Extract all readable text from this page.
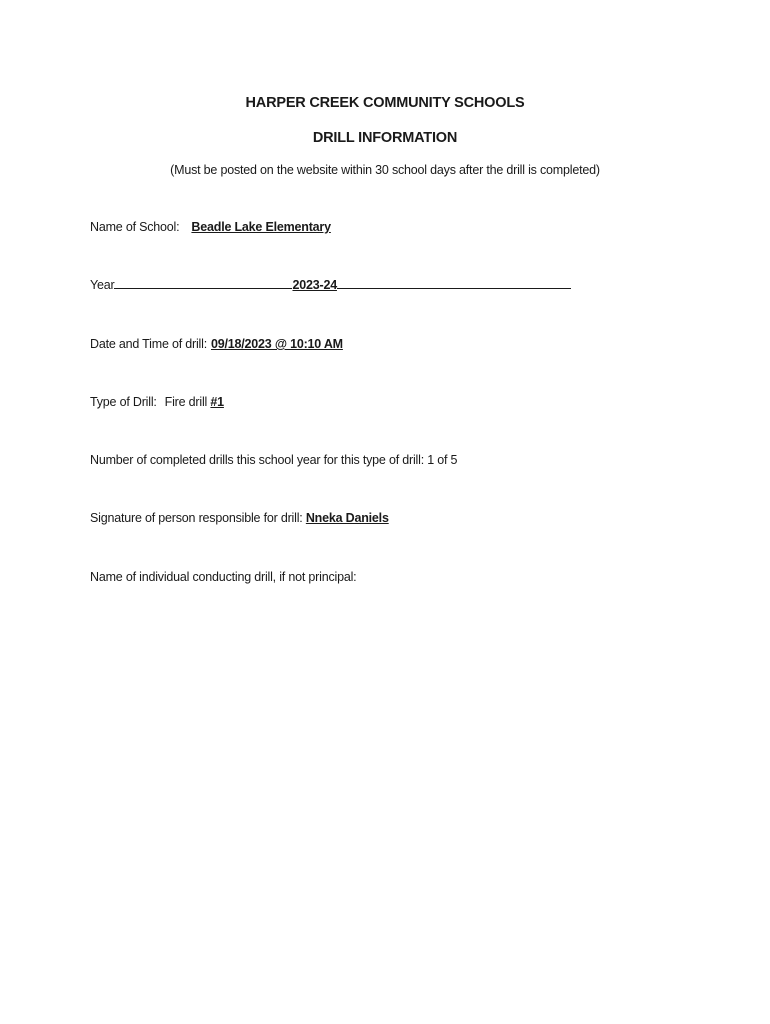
HARPER CREEK COMMUNITY SCHOOLS
DRILL INFORMATION
(Must be posted on the website within 30 school days after the drill is completed)
Name of School: Beadle Lake Elementary
Year	2023-24
Date and Time of drill: 09/18/2023 @ 10:10 AM
Type of Drill: Fire drill #1
Number of completed drills this school year for this type of drill: 1 of 5
Signature of person responsible for drill: Nneka Daniels
Name of individual conducting drill, if not principal:
